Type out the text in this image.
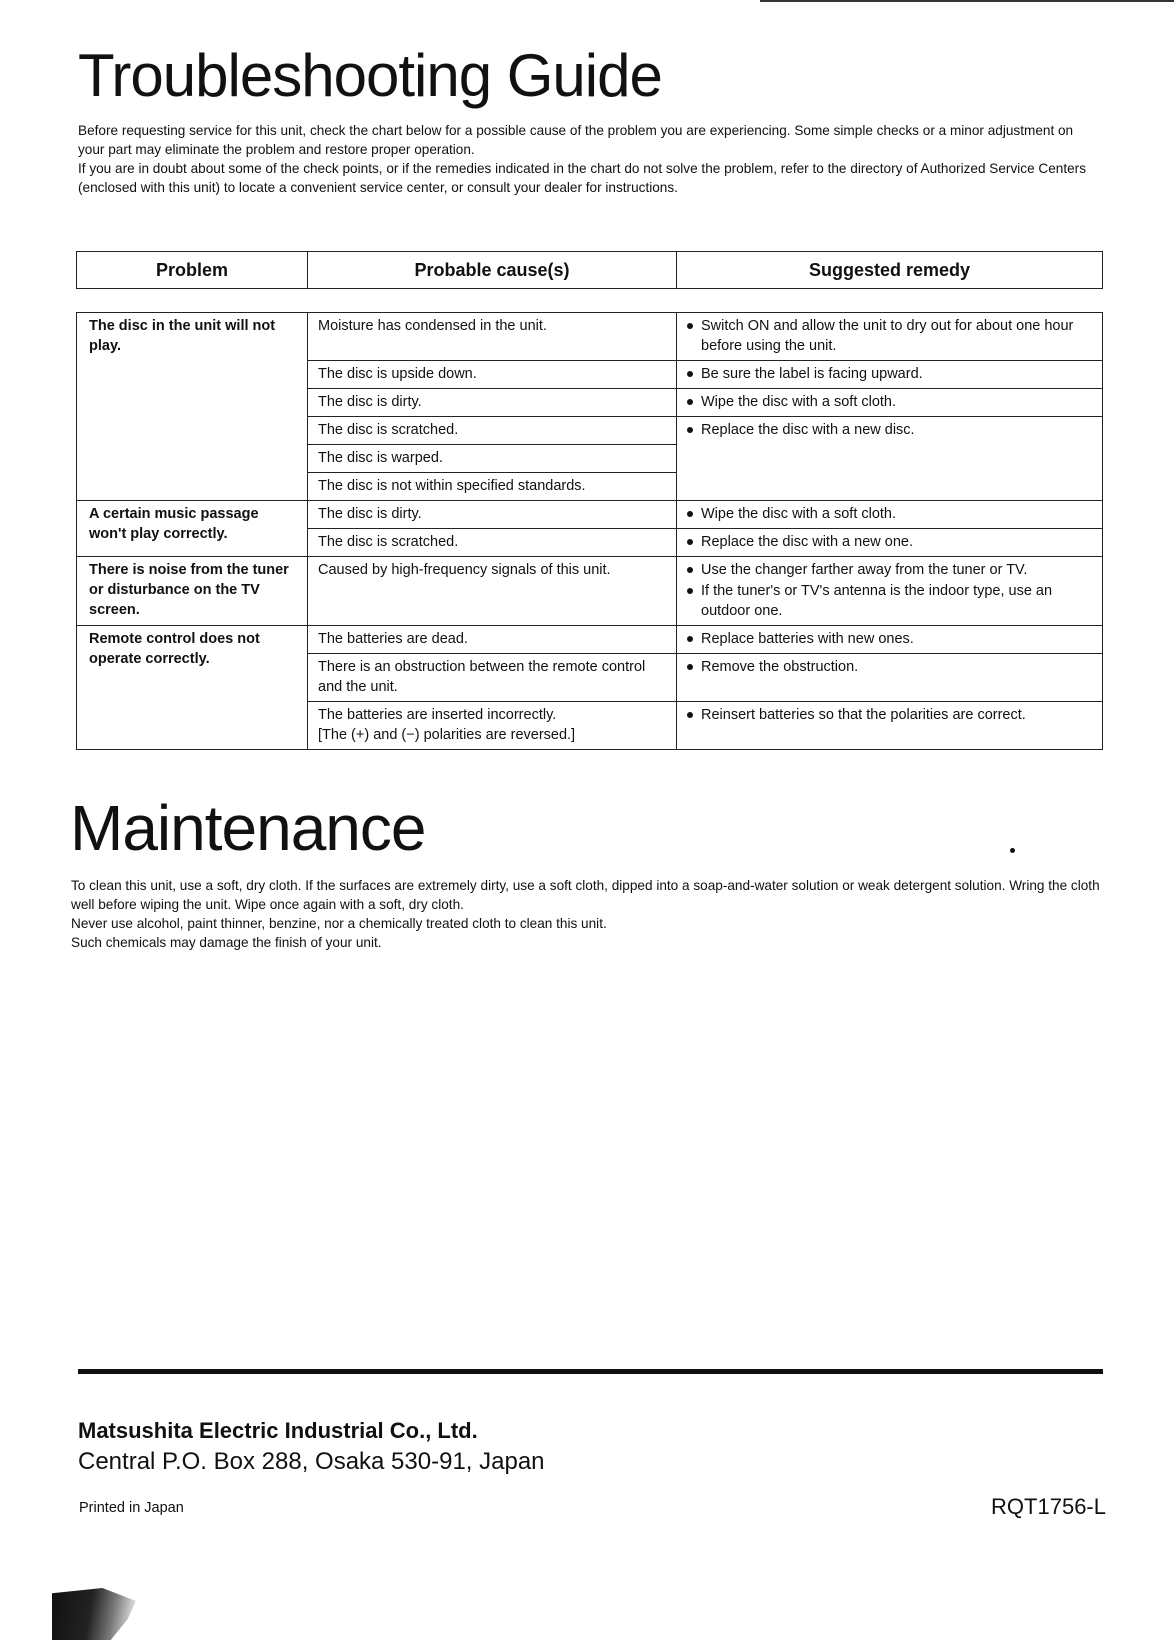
Troubleshooting Guide

Before requesting service for this unit, check the chart below for a possible cause of the problem you are experiencing. Some simple checks or a minor adjustment on your part may eliminate the problem and restore proper operation.

If you are in doubt about some of the check points, or if the remedies indicated in the chart do not solve the problem, refer to the directory of Authorized Service Centers (enclosed with this unit) to locate a convenient service center, or consult your dealer for instructions.

Problem	Probable cause(s)	Suggested remedy
The disc in the unit will not play.	Moisture has condensed in the unit.	Switch ON and allow the unit to dry out for about one hour before using the unit.

	The disc is upside down.	Be sure the label is facing upward.

	The disc is dirty.	Wipe the disc with a soft cloth.

	The disc is scratched.	Replace the disc with a new disc.

	The disc is warped.	
	The disc is not within specified standards.	
A certain music passage won't play correctly.	The disc is dirty.	Wipe the disc with a soft cloth.

	The disc is scratched.	Replace the disc with a new one.

There is noise from the tuner or disturbance on the TV screen.	Caused by high-frequency signals of this unit.	Use the changer farther away from the tuner or TV.
If the tuner's or TV's antenna is the indoor type, use an outdoor one.

Remote control does not operate correctly.	The batteries are dead.	Replace batteries with new ones.

	There is an obstruction between the remote control and the unit.	Remove the obstruction.

	The batteries are inserted incorrectly.
[The (+) and (−) polarities are reversed.]	Reinsert batteries so that the polarities are correct.
Maintenance

To clean this unit, use a soft, dry cloth. If the surfaces are extremely dirty, use a soft cloth, dipped into a soap-and-water solution or weak detergent solution. Wring the cloth well before wiping the unit. Wipe once again with a soft, dry cloth.

Never use alcohol, paint thinner, benzine, nor a chemically treated cloth to clean this unit.

Such chemicals may damage the finish of your unit.

Matsushita Electric Industrial Co., Ltd.

Central P.O. Box 288, Osaka 530-91, Japan

Printed in Japan	RQT1756-L
